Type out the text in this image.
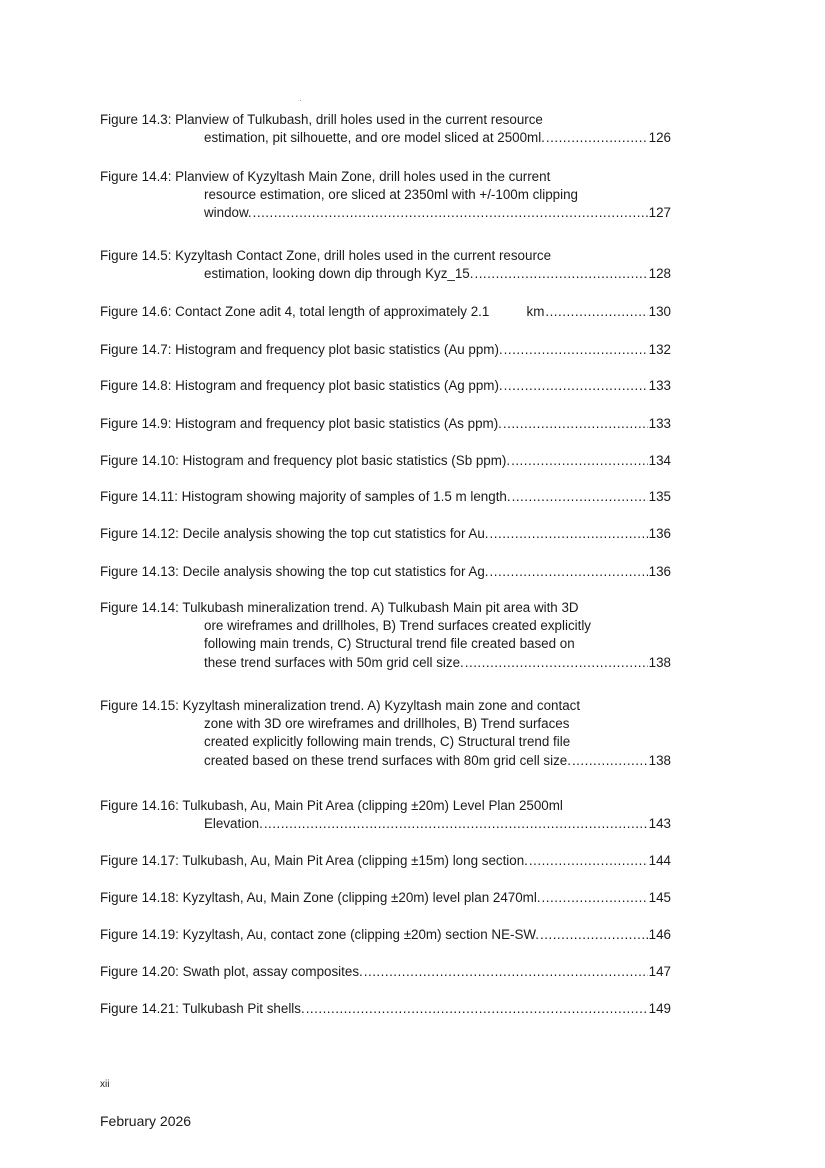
Figure 14.3: Planview of Tulkubash, drill holes used in the current resource
estimation, pit silhouette, and ore model sliced at 2500ml. .....	126
Figure 14.4: Planview of Kyzyltash Main Zone, drill holes used in the current
resource estimation, ore sliced at 2350ml with +/-100m clipping
window. .....	127
Figure 14.5: Kyzyltash Contact Zone, drill holes used in the current resource
estimation, looking down dip through Kyz_15. .....	128
Figure 14.6: Contact Zone adit 4, total length of approximately 2.1          km .....	130
Figure 14.7: Histogram and frequency plot basic statistics (Au ppm). .....	132
Figure 14.8: Histogram and frequency plot basic statistics (Ag ppm). .....	133
Figure 14.9: Histogram and frequency plot basic statistics (As ppm). .....	133
Figure 14.10: Histogram and frequency plot basic statistics (Sb ppm). .....	134
Figure 14.11: Histogram showing majority of samples of 1.5 m length. .....	135
Figure 14.12: Decile analysis showing the top cut statistics for Au. .....	136
Figure 14.13: Decile analysis showing the top cut statistics for Ag. .....	136
Figure 14.14: Tulkubash mineralization trend. A) Tulkubash Main pit area with 3D
ore wireframes and drillholes, B) Trend surfaces created explicitly
following main trends, C) Structural trend file created based on
these trend surfaces with 50m grid cell size. .....	138
Figure 14.15: Kyzyltash mineralization trend. A) Kyzyltash main zone and contact
zone with 3D ore wireframes and drillholes, B) Trend surfaces
created explicitly following main trends, C) Structural trend file
created based on these trend surfaces with 80m grid cell size. .....	138
Figure 14.16: Tulkubash, Au, Main Pit Area (clipping ±20m) Level Plan 2500ml
Elevation. .....	143
Figure 14.17: Tulkubash, Au, Main Pit Area (clipping ±15m) long section. .....	144
Figure 14.18: Kyzyltash, Au, Main Zone (clipping ±20m) level plan 2470ml. .....	145
Figure 14.19: Kyzyltash, Au, contact zone (clipping ±20m) section NE-SW. .....	146
Figure 14.20: Swath plot, assay composites. .....	147
Figure 14.21: Tulkubash Pit shells. .....	149
xii
February 2026
